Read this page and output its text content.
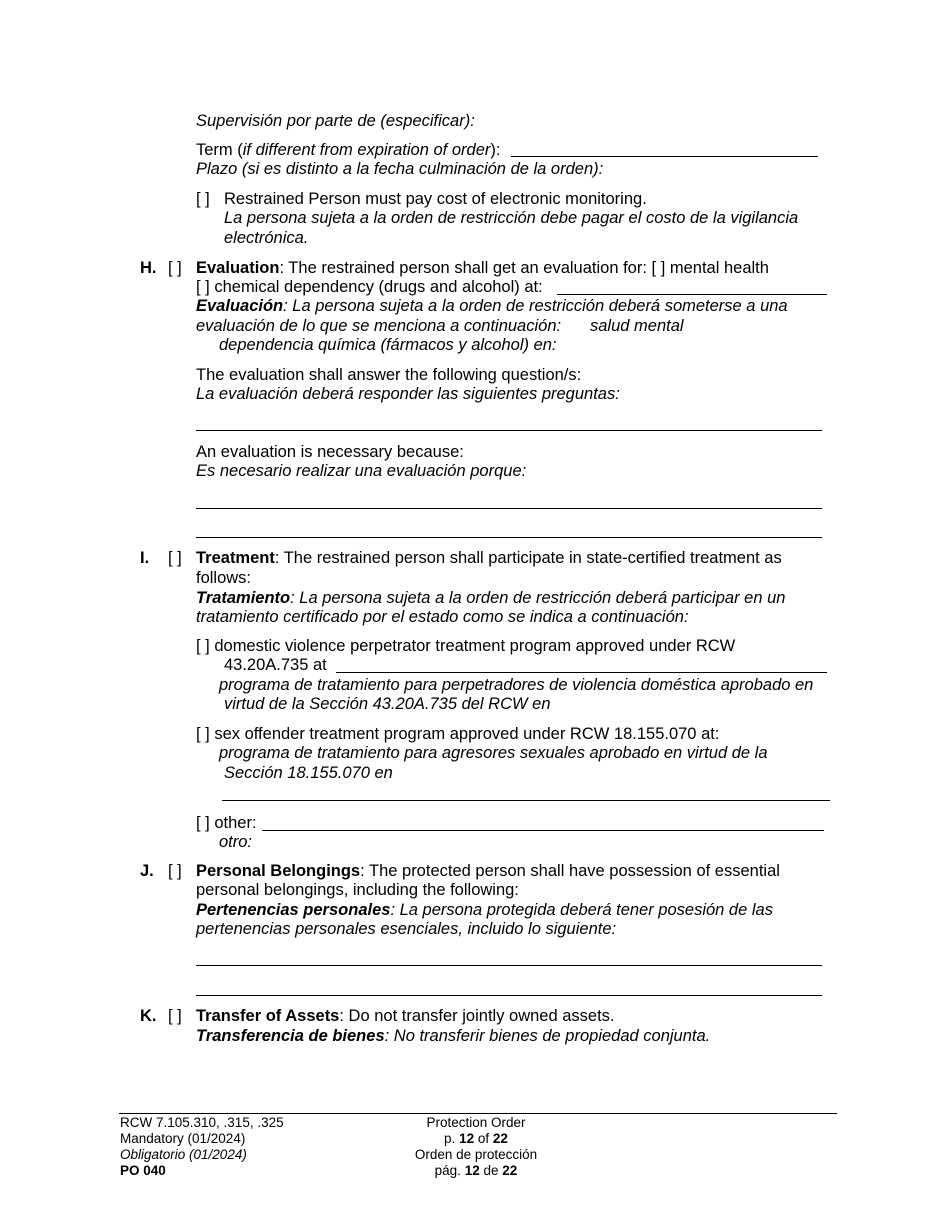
Supervisión por parte de (especificar):
Term (if different from expiration of order):
Plazo (si es distinto a la fecha culminación de la orden):
[ ] Restrained Person must pay cost of electronic monitoring.
La persona sujeta a la orden de restricción debe pagar el costo de la vigilancia
electrónica.
H. [ ] Evaluation: The restrained person shall get an evaluation for: [ ] mental health
[ ] chemical dependency (drugs and alcohol) at:
Evaluación: La persona sujeta a la orden de restricción deberá someterse a una
evaluación de lo que se menciona a continuación: salud mental
dependencia química (fármacos y alcohol) en:
The evaluation shall answer the following question/s:
La evaluación deberá responder las siguientes preguntas:
An evaluation is necessary because:
Es necesario realizar una evaluación porque:
I. [ ] Treatment: The restrained person shall participate in state-certified treatment as
follows:
Tratamiento: La persona sujeta a la orden de restricción deberá participar en un
tratamiento certificado por el estado como se indica a continuación:
[ ] domestic violence perpetrator treatment program approved under RCW
43.20A.735 at
programa de tratamiento para perpetradores de violencia doméstica aprobado en
virtud de la Sección 43.20A.735 del RCW en
[ ] sex offender treatment program approved under RCW 18.155.070 at:
programa de tratamiento para agresores sexuales aprobado en virtud de la
Sección 18.155.070 en
[ ] other:
otro:
J. [ ] Personal Belongings: The protected person shall have possession of essential
personal belongings, including the following:
Pertenencias personales: La persona protegida deberá tener posesión de las
pertenencias personales esenciales, incluido lo siguiente:
K. [ ] Transfer of Assets: Do not transfer jointly owned assets.
Transferencia de bienes: No transferir bienes de propiedad conjunta.
RCW 7.105.310, .315, .325
Mandatory (01/2024)
Obligatorio (01/2024)
PO 040
Protection Order
p. 12 of 22
Orden de protección
pág. 12 de 22
